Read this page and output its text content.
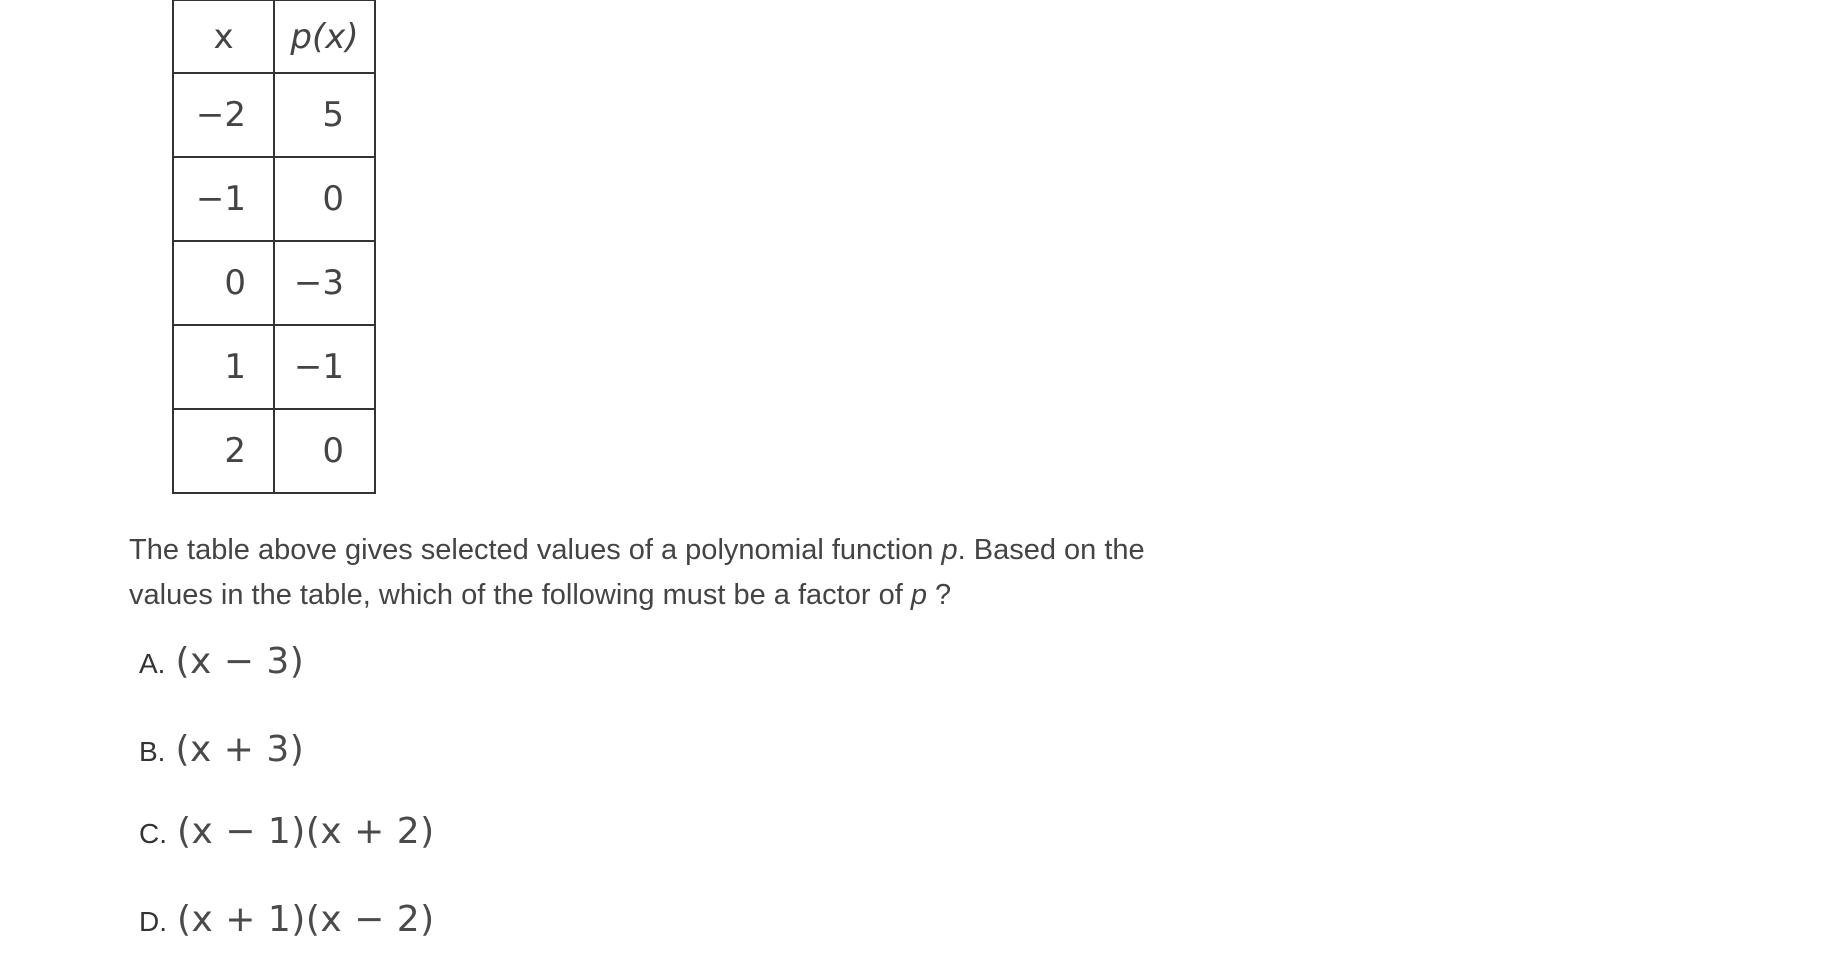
x	p(x)
−2	5
−1	0
0	−3
1	−1
2	0
The table above gives selected values of a polynomial function p. Based on the values in the table, which of the following must be a factor of p ?
A. (x − 3)
B. (x + 3)
C. (x − 1)(x + 2)
D. (x + 1)(x − 2)
